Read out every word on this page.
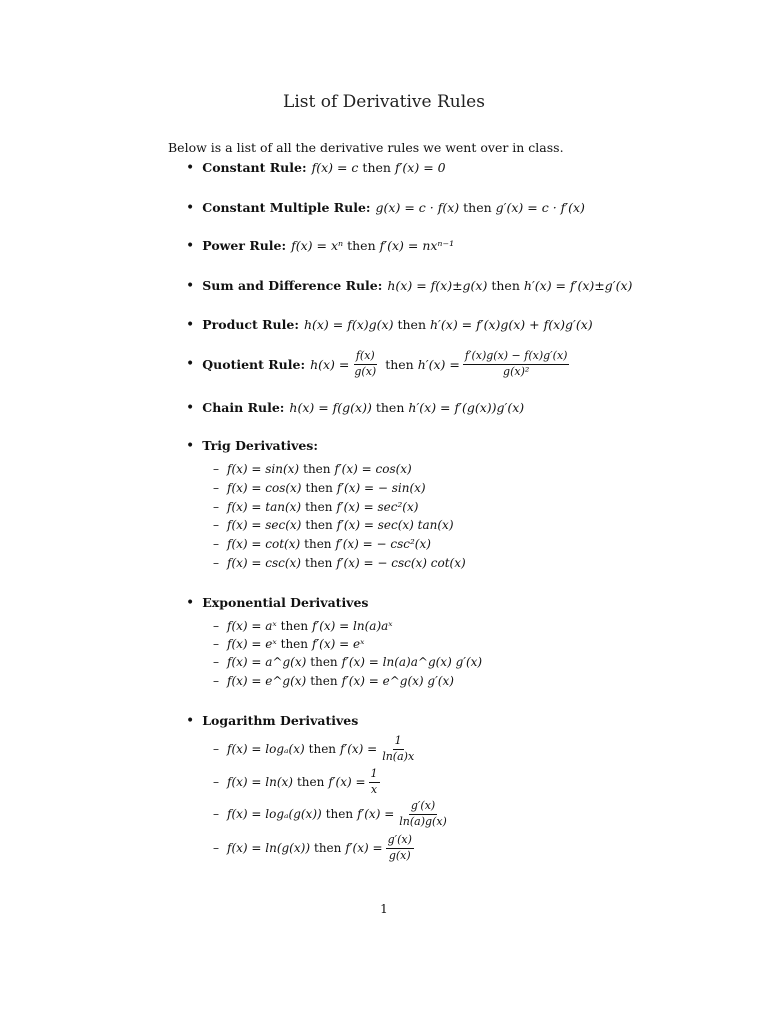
List of Derivative Rules
Below is a list of all the derivative rules we went over in class.
• Constant Rule: f(x) = c then f′(x) = 0
• Constant Multiple Rule: g(x) = c · f(x) then g′(x) = c · f′(x)
• Power Rule: f(x) = xⁿ then f′(x) = nxⁿ⁻¹
• Sum and Difference Rule: h(x) = f(x)±g(x) then h′(x) = f′(x)±g′(x)
• Product Rule: h(x) = f(x)g(x) then h′(x) = f′(x)g(x) + f(x)g′(x)
• Quotient Rule: $h(x) = \frac{f(x)}{g(x)}$ then $h'(x) = \frac{f'(x)g(x) - f(x)g'(x)}{\text{g(x)²}}$
• Chain Rule: h(x) = f(g(x)) then h′(x) = f′(g(x))g′(x)
• Trig Derivatives:
– f(x) = sin(x) then f′(x) = cos(x)
– f(x) = cos(x) then f′(x) = − sin(x)
– f(x) = tan(x) then f′(x) = sec²(x)
– f(x) = sec(x) then f′(x) = sec(x) tan(x)
– f(x) = cot(x) then f′(x) = − csc²(x)
– f(x) = csc(x) then f′(x) = − csc(x) cot(x)
• Exponential Derivatives
– f(x) = aˣ then f′(x) = ln(a)aˣ
– f(x) = eˣ then f′(x) = eˣ
– f(x) = a^g(x) then f′(x) = ln(a)a^g(x) g′(x)
– f(x) = e^g(x) then f′(x) = e^g(x) g′(x)
• Logarithm Derivatives
– f(x) = logₐ(x) then $f'(x) = \frac{1}{\ln(a)x}$
– f(x) = ln(x) then $f'(x) = \frac{1}{x}$
– f(x) = logₐ(g(x)) then $f'(x) = \frac{g'(x)}{\ln(a)g(x)}$
– f(x) = ln(g(x)) then $f'(x) = \frac{g'(x)}{g(x)}$
1
